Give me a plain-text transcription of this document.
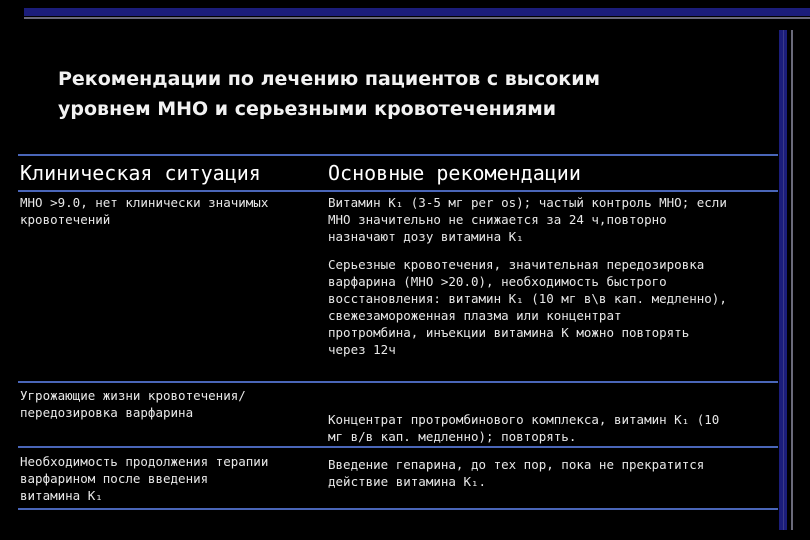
Рекомендации по лечению пациентов с высоким
уровнем МНО и серьезными кровотечениями
Клиническая ситуация	Основные рекомендации
МНО >9.0, нет клинически значимых
кровотечений
Витамин K₁ (3-5 мг per os); частый контроль МНО; если
МНО значительно не снижается за 24 ч,повторно
назначают дозу витамина K₁
Серьезные кровотечения, значительная передозировка
варфарина (МНО >20.0), необходимость быстрого
восстановления: витамин K₁ (10 мг в\в кап. медленно),
свежезамороженная плазма или концентрат
протромбина, инъекции витамина К можно повторять
через 12ч
Угрожающие жизни кровотечения/
передозировка варфарина	Концентрат протромбинового комплекса, витамин K₁ (10
мг в/в кап. медленно); повторять.
Необходимость продолжения терапии
варфарином после введения
витамина K₁
Введение гепарина, до тех пор, пока не прекратится
действие витамина K₁.
